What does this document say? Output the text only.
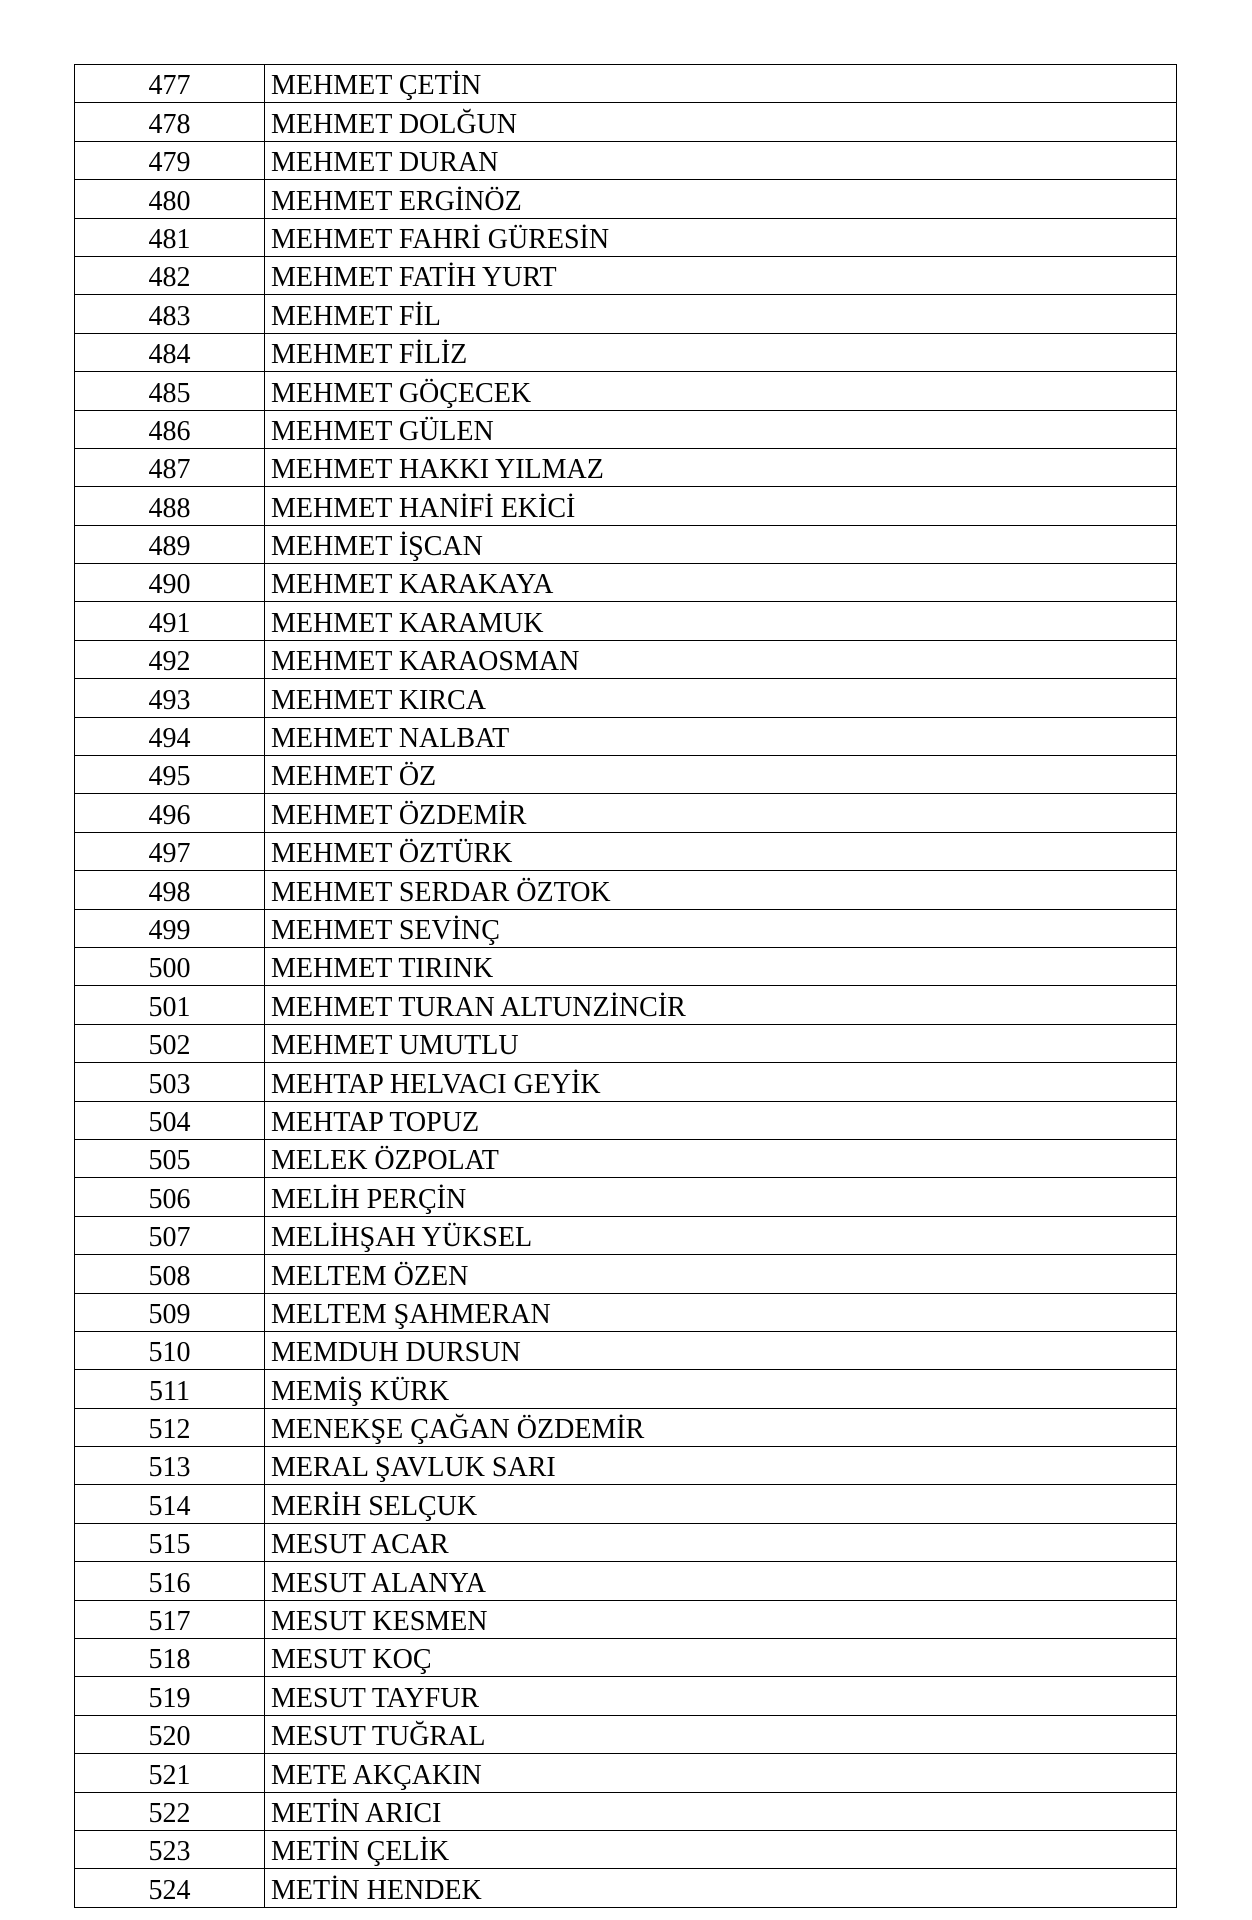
477	MEHMET ÇETİN
478	MEHMET DOLĞUN
479	MEHMET DURAN
480	MEHMET ERGİNÖZ
481	MEHMET FAHRİ GÜRESİN
482	MEHMET FATİH YURT
483	MEHMET FİL
484	MEHMET FİLİZ
485	MEHMET GÖÇECEK
486	MEHMET GÜLEN
487	MEHMET HAKKI YILMAZ
488	MEHMET HANİFİ EKİCİ
489	MEHMET İŞCAN
490	MEHMET KARAKAYA
491	MEHMET KARAMUK
492	MEHMET KARAOSMAN
493	MEHMET KIRCA
494	MEHMET NALBAT
495	MEHMET ÖZ
496	MEHMET ÖZDEMİR
497	MEHMET ÖZTÜRK
498	MEHMET SERDAR ÖZTOK
499	MEHMET SEVİNÇ
500	MEHMET TIRINK
501	MEHMET TURAN ALTUNZİNCİR
502	MEHMET UMUTLU
503	MEHTAP HELVACI GEYİK
504	MEHTAP TOPUZ
505	MELEK ÖZPOLAT
506	MELİH PERÇİN
507	MELİHŞAH YÜKSEL
508	MELTEM ÖZEN
509	MELTEM ŞAHMERAN
510	MEMDUH DURSUN
511	MEMİŞ KÜRK
512	MENEKŞE ÇAĞAN ÖZDEMİR
513	MERAL ŞAVLUK SARI
514	MERİH SELÇUK
515	MESUT ACAR
516	MESUT ALANYA
517	MESUT KESMEN
518	MESUT KOÇ
519	MESUT TAYFUR
520	MESUT TUĞRAL
521	METE AKÇAKIN
522	METİN ARICI
523	METİN ÇELİK
524	METİN HENDEK
